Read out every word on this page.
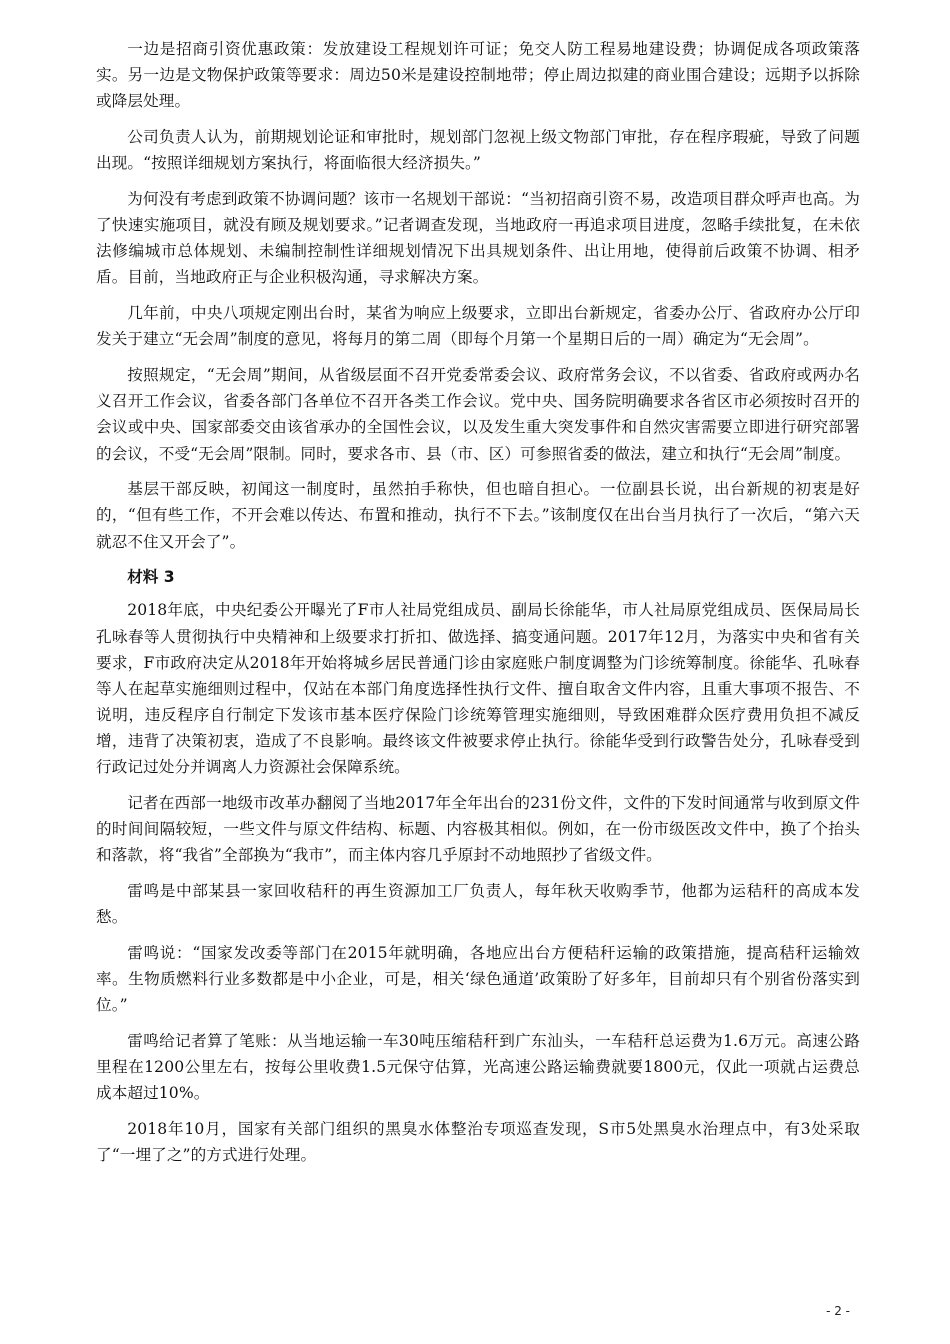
一边是招商引资优惠政策：发放建设工程规划许可证；免交人防工程易地建设费；协调促成各项政策落实。另一边是文物保护政策等要求：周边50米是建设控制地带；停止周边拟建的商业围合建设；远期予以拆除或降层处理。

公司负责人认为，前期规划论证和审批时，规划部门忽视上级文物部门审批，存在程序瑕疵，导致了问题出现。“按照详细规划方案执行，将面临很大经济损失。”

为何没有考虑到政策不协调问题？该市一名规划干部说：“当初招商引资不易，改造项目群众呼声也高。为了快速实施项目，就没有顾及规划要求。”记者调查发现，当地政府一再追求项目进度，忽略手续批复，在未依法修编城市总体规划、未编制控制性详细规划情况下出具规划条件、出让用地，使得前后政策不协调、相矛盾。目前，当地政府正与企业积极沟通，寻求解决方案。

几年前，中央八项规定刚出台时，某省为响应上级要求，立即出台新规定，省委办公厅、省政府办公厅印发关于建立“无会周”制度的意见，将每月的第二周（即每个月第一个星期日后的一周）确定为“无会周”。

按照规定，“无会周”期间，从省级层面不召开党委常委会议、政府常务会议，不以省委、省政府或两办名义召开工作会议，省委各部门各单位不召开各类工作会议。党中央、国务院明确要求各省区市必须按时召开的会议或中央、国家部委交由该省承办的全国性会议，以及发生重大突发事件和自然灾害需要立即进行研究部署的会议，不受“无会周”限制。同时，要求各市、县（市、区）可参照省委的做法，建立和执行“无会周”制度。

基层干部反映，初闻这一制度时，虽然拍手称快，但也暗自担心。一位副县长说，出台新规的初衷是好的，“但有些工作，不开会难以传达、布置和推动，执行不下去。”该制度仅在出台当月执行了一次后，“第六天就忍不住又开会了”。

材料 3

2018年底，中央纪委公开曝光了F市人社局党组成员、副局长徐能华，市人社局原党组成员、医保局局长孔咏春等人贯彻执行中央精神和上级要求打折扣、做选择、搞变通问题。2017年12月，为落实中央和省有关要求，F市政府决定从2018年开始将城乡居民普通门诊由家庭账户制度调整为门诊统筹制度。徐能华、孔咏春等人在起草实施细则过程中，仅站在本部门角度选择性执行文件、擅自取舍文件内容，且重大事项不报告、不说明，违反程序自行制定下发该市基本医疗保险门诊统筹管理实施细则，导致困难群众医疗费用负担不减反增，违背了决策初衷，造成了不良影响。最终该文件被要求停止执行。徐能华受到行政警告处分，孔咏春受到行政记过处分并调离人力资源社会保障系统。

记者在西部一地级市改革办翻阅了当地2017年全年出台的231份文件，文件的下发时间通常与收到原文件的时间间隔较短，一些文件与原文件结构、标题、内容极其相似。例如，在一份市级医改文件中，换了个抬头和落款，将“我省”全部换为“我市”，而主体内容几乎原封不动地照抄了省级文件。

雷鸣是中部某县一家回收秸秆的再生资源加工厂负责人，每年秋天收购季节，他都为运秸秆的高成本发愁。

雷鸣说：“国家发改委等部门在2015年就明确，各地应出台方便秸秆运输的政策措施，提高秸秆运输效率。生物质燃料行业多数都是中小企业，可是，相关‘绿色通道’政策盼了好多年，目前却只有个别省份落实到位。”

雷鸣给记者算了笔账：从当地运输一车30吨压缩秸秆到广东汕头，一车秸秆总运费为1.6万元。高速公路里程在1200公里左右，按每公里收费1.5元保守估算，光高速公路运输费就要1800元，仅此一项就占运费总成本超过10%。

2018年10月，国家有关部门组织的黑臭水体整治专项巡查发现，S市5处黑臭水治理点中，有3处采取了“一埋了之”的方式进行处理。

- 2 -
